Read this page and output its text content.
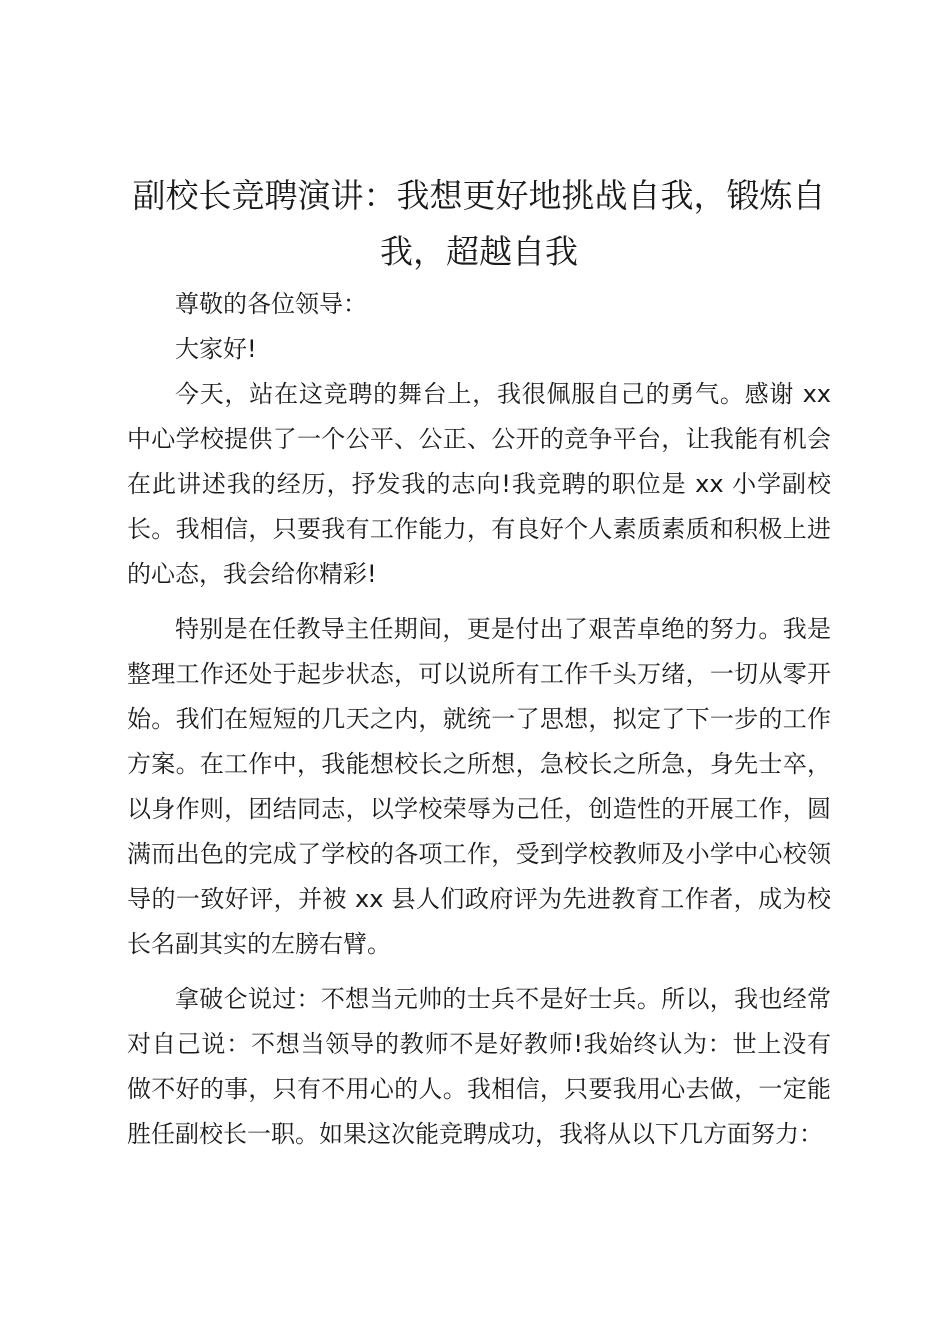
副校长竞聘演讲：我想更好地挑战自我，锻炼自我，超越自我

尊敬的各位领导：

大家好!

今天，站在这竞聘的舞台上，我很佩服自己的勇气。感谢 xx 中心学校提供了一个公平、公正、公开的竞争平台，让我能有机会在此讲述我的经历，抒发我的志向!我竞聘的职位是 xx 小学副校长。我相信，只要我有工作能力，有良好个人素质素质和积极上进的心态，我会给你精彩!

特别是在任教导主任期间，更是付出了艰苦卓绝的努力。我是整理工作还处于起步状态，可以说所有工作千头万绪，一切从零开始。我们在短短的几天之内，就统一了思想，拟定了下一步的工作方案。在工作中，我能想校长之所想，急校长之所急，身先士卒，以身作则，团结同志，以学校荣辱为己任，创造性的开展工作，圆满而出色的完成了学校的各项工作，受到学校教师及小学中心校领导的一致好评，并被 xx 县人们政府评为先进教育工作者，成为校长名副其实的左膀右臂。

拿破仑说过：不想当元帅的士兵不是好士兵。所以，我也经常对自己说：不想当领导的教师不是好教师!我始终认为：世上没有做不好的事，只有不用心的人。我相信，只要我用心去做，一定能胜任副校长一职。如果这次能竞聘成功，我将从以下几方面努力：
